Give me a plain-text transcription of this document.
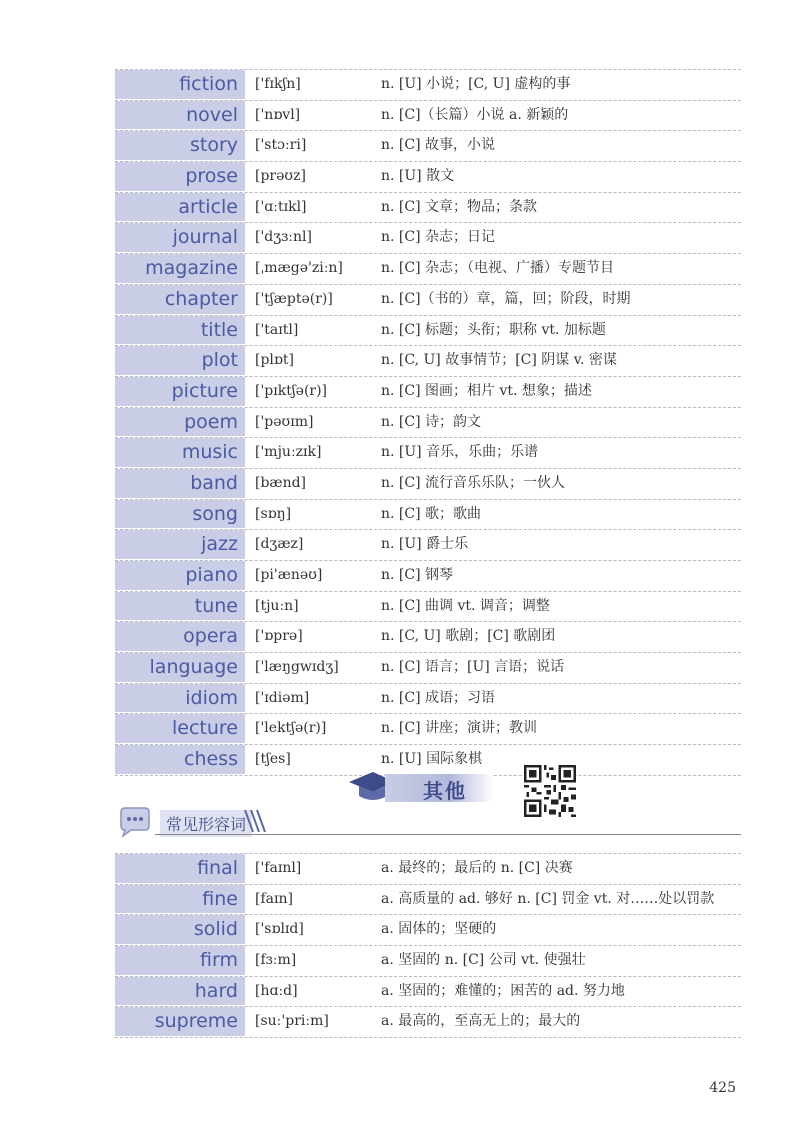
fiction	['fɪkʃn]	n. [U] 小说；[C, U] 虚构的事
novel	['nɒvl]	n. [C]（长篇）小说 a. 新颖的
story	['stɔːri]	n. [C] 故事，小说
prose	[prəʊz]	n. [U] 散文
article	['ɑːtɪkl]	n. [C] 文章；物品；条款
journal	['dʒɜːnl]	n. [C] 杂志；日记
magazine	[ˌmægə'ziːn]	n. [C] 杂志；（电视、广播）专题节目
chapter	['tʃæptə(r)]	n. [C]（书的）章，篇，回；阶段，时期
title	['taɪtl]	n. [C] 标题；头衔；职称 vt. 加标题
plot	[plɒt]	n. [C, U] 故事情节；[C] 阴谋 v. 密谋
picture	['pɪktʃə(r)]	n. [C] 图画；相片 vt. 想象；描述
poem	['pəʊɪm]	n. [C] 诗；韵文
music	['mjuːzɪk]	n. [U] 音乐，乐曲；乐谱
band	[bænd]	n. [C] 流行音乐乐队；一伙人
song	[sɒŋ]	n. [C] 歌；歌曲
jazz	[dʒæz]	n. [U] 爵士乐
piano	[pi'ænəʊ]	n. [C] 钢琴
tune	[tjuːn]	n. [C] 曲调 vt. 调音；调整
opera	['ɒprə]	n. [C, U] 歌剧；[C] 歌剧团
language	['læŋgwɪdʒ]	n. [C] 语言；[U] 言语；说话
idiom	['ɪdiəm]	n. [C] 成语；习语
lecture	['lektʃə(r)]	n. [C] 讲座；演讲；教训
chess	[tʃes]	n. [U] 国际象棋
其他
常见形容词
final	['faɪnl]	a. 最终的；最后的 n. [C] 决赛
fine	[faɪn]	a. 高质量的 ad. 够好 n. [C] 罚金 vt. 对……处以罚款
solid	['sɒlɪd]	a. 固体的；坚硬的
firm	[fɜːm]	a. 坚固的 n. [C] 公司 vt. 使强壮
hard	[hɑːd]	a. 坚固的；难懂的；困苦的 ad. 努力地
supreme	[suː'priːm]	a. 最高的，至高无上的；最大的
425
